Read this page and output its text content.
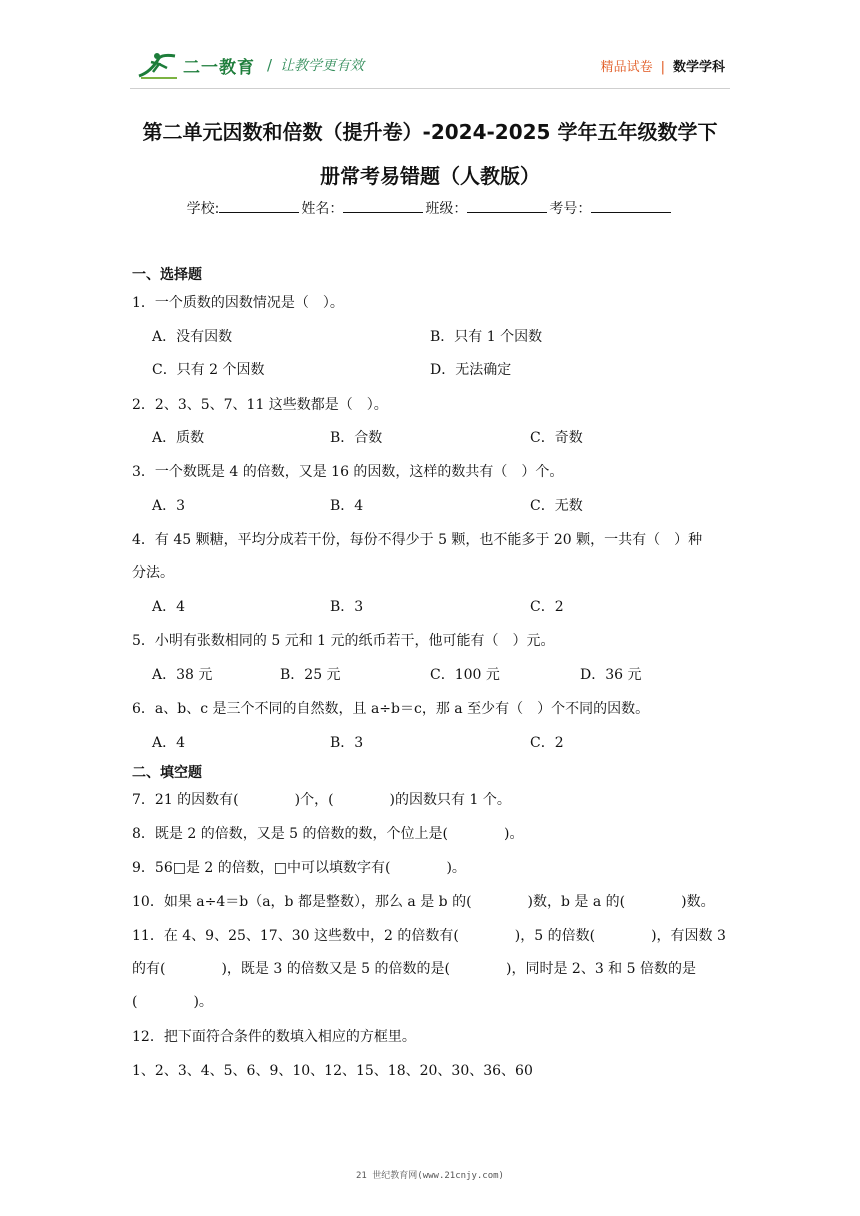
二一教育 / 让教学更有效	精品试卷 | 数学学科
第二单元因数和倍数（提升卷）-2024-2025 学年五年级数学下
册常考易错题（人教版）
学校:	姓名：	班级：	考号：
一、选择题
1．一个质数的因数情况是（　）。
A．没有因数	B．只有 1 个因数
C．只有 2 个因数	D．无法确定
2．2、3、5、7、11 这些数都是（　）。
A．质数	B．合数	C．奇数
3．一个数既是 4 的倍数，又是 16 的因数，这样的数共有（　）个。
A．3	B．4	C．无数
4．有 45 颗糖，平均分成若干份，每份不得少于 5 颗，也不能多于 20 颗，一共有（　）种
分法。
A．4	B．3	C．2
5．小明有张数相同的 5 元和 1 元的纸币若干，他可能有（　）元。
A．38 元	B．25 元	C．100 元	D．36 元
6．a、b、c 是三个不同的自然数，且 a÷b＝c，那 a 至少有（　）个不同的因数。
A．4	B．3	C．2
二、填空题
7．21 的因数有(　　　　)个，(　　　　)的因数只有 1 个。
8．既是 2 的倍数，又是 5 的倍数的数，个位上是(　　　　)。
9．56□是 2 的倍数，□中可以填数字有(　　　　)。
10．如果 a÷4＝b（a，b 都是整数），那么 a 是 b 的(　　　　)数，b 是 a 的(　　　　)数。
11．在 4、9、25、17、30 这些数中，2 的倍数有(　　　　)，5 的倍数(　　　　)，有因数 3
的有(　　　　)，既是 3 的倍数又是 5 的倍数的是(　　　　)，同时是 2、3 和 5 倍数的是
(　　　　)。
12．把下面符合条件的数填入相应的方框里。
1、2、3、4、5、6、9、10、12、15、18、20、30、36、60
21 世纪教育网(www.21cnjy.com)
